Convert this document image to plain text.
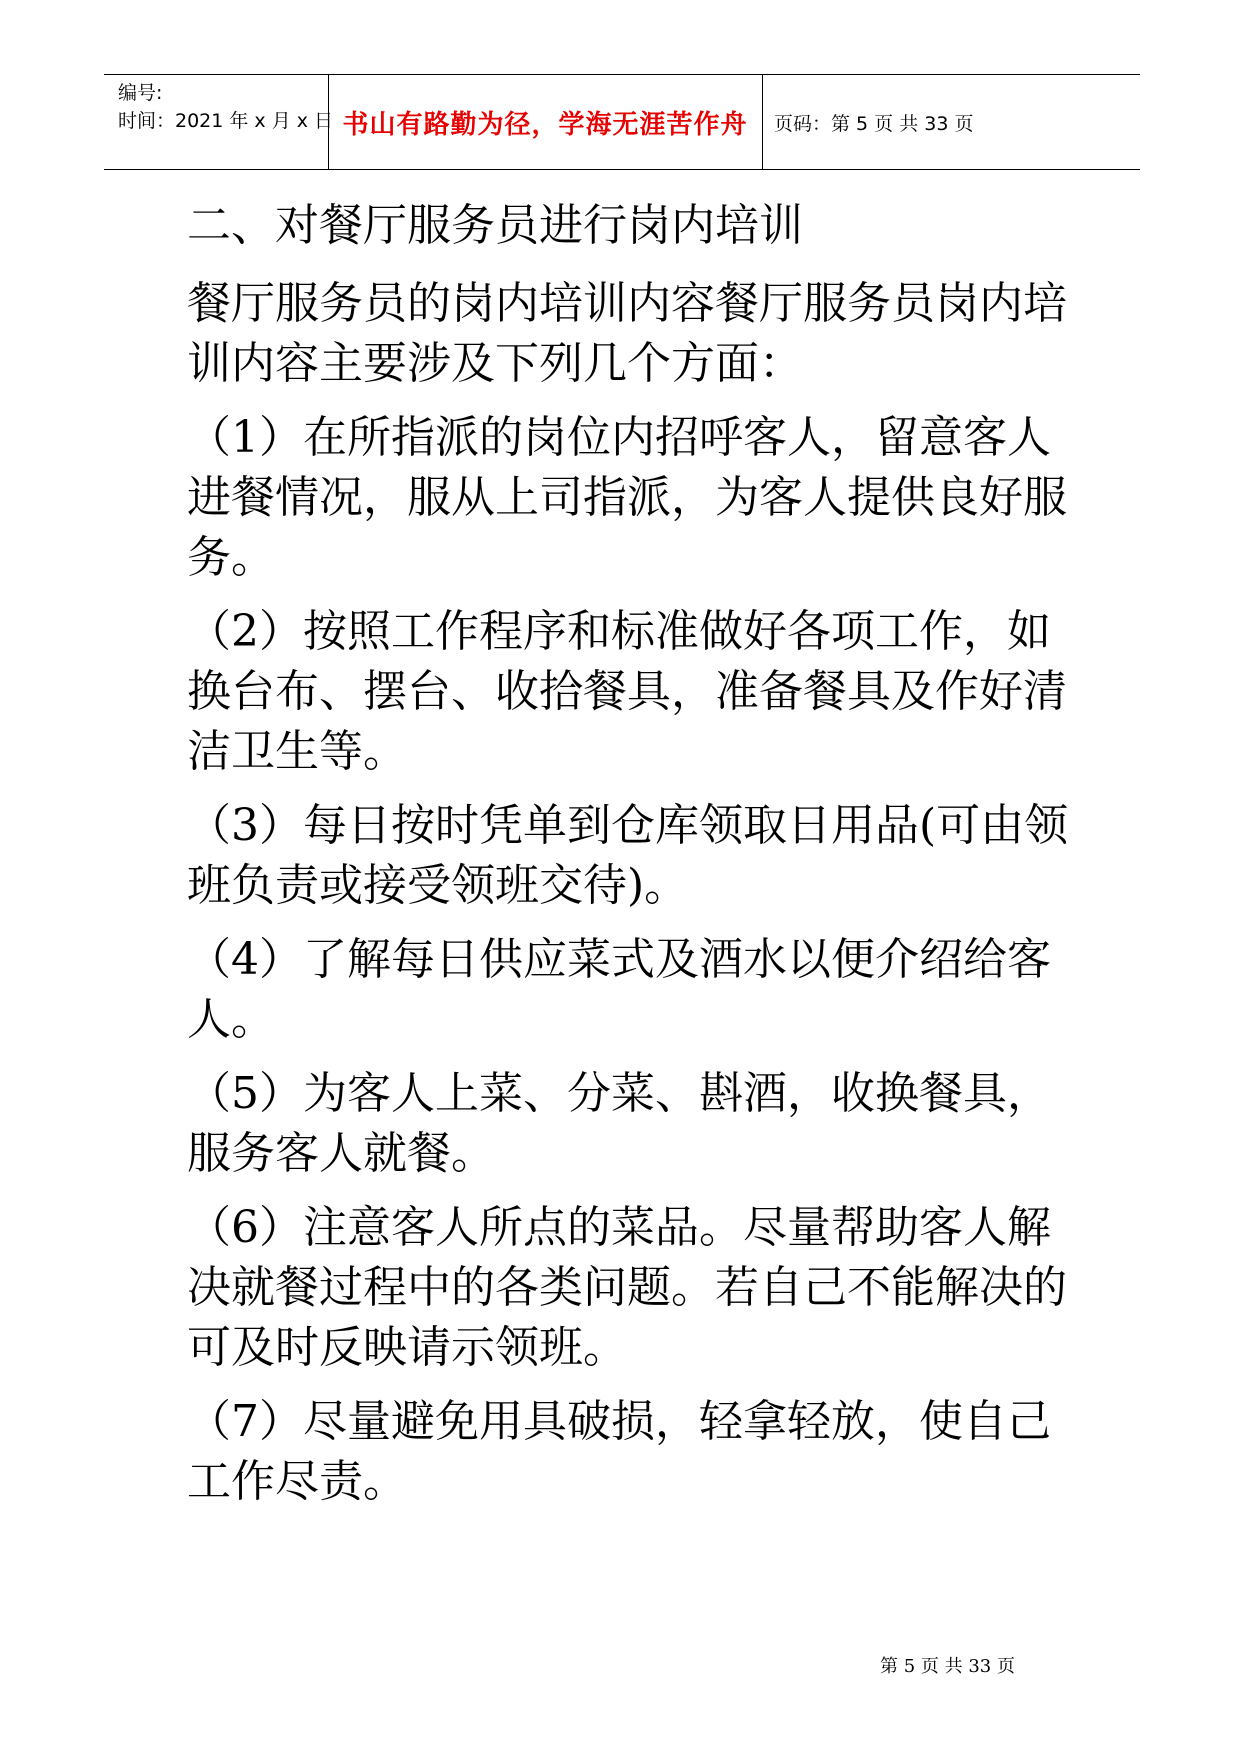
编号:
时间：2021 年 x 月 x 日 书山有路勤为径，学海无涯苦作舟	页码：第 5 页 共 33 页

二、对餐厅服务员进行岗内培训

餐厅服务员的岗内培训内容餐厅服务员岗内培训内容主要涉及下列几个方面：

（1）在所指派的岗位内招呼客人，留意客人进餐情况，服从上司指派，为客人提供良好服务。

（2）按照工作程序和标准做好各项工作，如换台布、摆台、收拾餐具，准备餐具及作好清洁卫生等。

（3）每日按时凭单到仓库领取日用品(可由领班负责或接受领班交待)。

（4）了解每日供应菜式及酒水以便介绍给客人。

（5）为客人上菜、分菜、斟酒，收换餐具，服务客人就餐。

（6）注意客人所点的菜品。尽量帮助客人解决就餐过程中的各类问题。若自己不能解决的可及时反映请示领班。

（7）尽量避免用具破损，轻拿轻放，使自己工作尽责。

第 5 页 共 33 页
